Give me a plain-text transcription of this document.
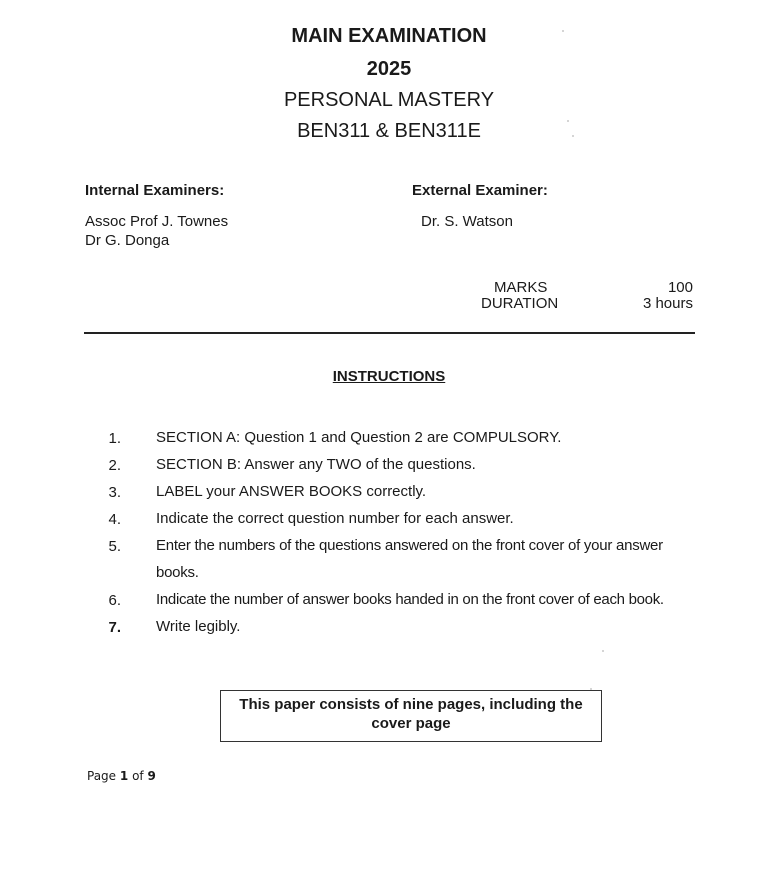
MAIN EXAMINATION
2025
PERSONAL MASTERY
BEN311 & BEN311E
Internal Examiners:
Assoc Prof J. Townes
Dr G. Donga
External Examiner:
Dr. S. Watson
MARKS	100
DURATION	3 hours
INSTRUCTIONS
1. SECTION A: Question 1 and Question 2 are COMPULSORY.
2. SECTION B: Answer any TWO of the questions.
3. LABEL your ANSWER BOOKS correctly.
4. Indicate the correct question number for each answer.
5. Enter the numbers of the questions answered on the front cover of your answer books.
6. Indicate the number of answer books handed in on the front cover of each book.
7. Write legibly.
This paper consists of nine pages, including the
cover page
Page 1 of 9
